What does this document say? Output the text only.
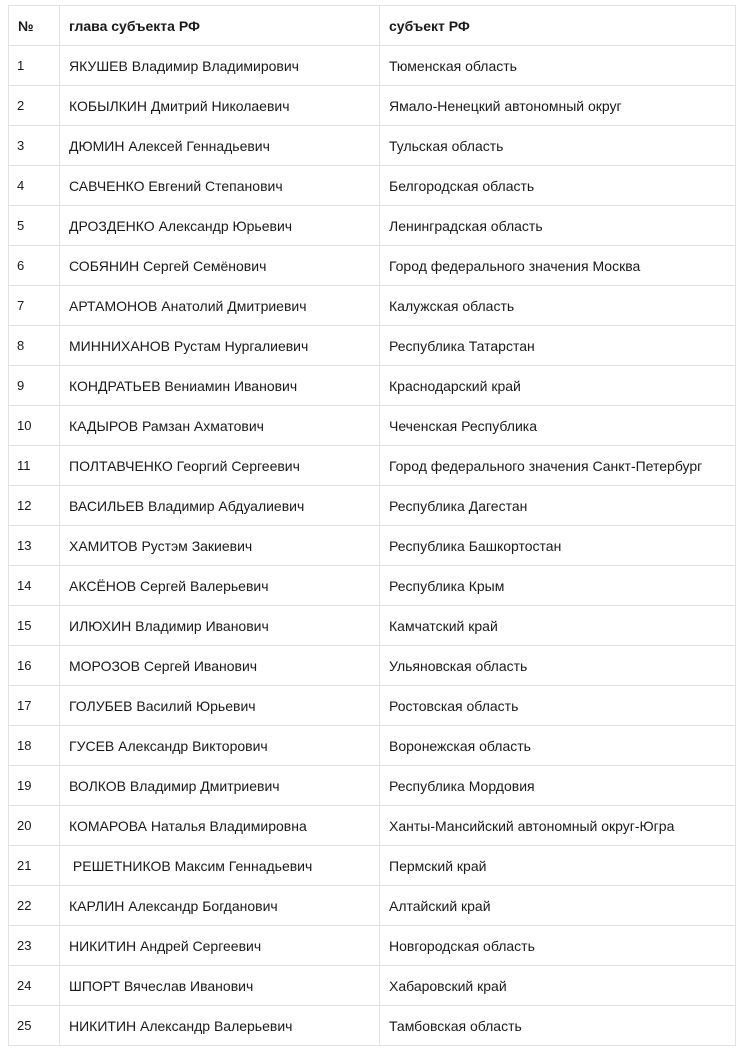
№	глава субъекта РФ	субъект РФ
1	ЯКУШЕВ Владимир Владимирович	Тюменская область
2	КОБЫЛКИН Дмитрий Николаевич	Ямало-Ненецкий автономный округ
3	ДЮМИН Алексей Геннадьевич	Тульская область
4	САВЧЕНКО Евгений Степанович	Белгородская область
5	ДРОЗДЕНКО Александр Юрьевич	Ленинградская область
6	СОБЯНИН Сергей Семёнович	Город федерального значения Москва
7	АРТАМОНОВ Анатолий Дмитриевич	Калужская область
8	МИННИХАНОВ Рустам Нургалиевич	Республика Татарстан
9	КОНДРАТЬЕВ Вениамин Иванович	Краснодарский край
10	КАДЫРОВ Рамзан Ахматович	Чеченская Республика
11	ПОЛТАВЧЕНКО Георгий Сергеевич	Город федерального значения Санкт-Петербург
12	ВАСИЛЬЕВ Владимир Абдуалиевич	Республика Дагестан
13	ХАМИТОВ Рустэм Закиевич	Республика Башкортостан
14	АКСЁНОВ Сергей Валерьевич	Республика Крым
15	ИЛЮХИН Владимир Иванович	Камчатский край
16	МОРОЗОВ Сергей Иванович	Ульяновская область
17	ГОЛУБЕВ Василий Юрьевич	Ростовская область
18	ГУСЕВ Александр Викторович	Воронежская область
19	ВОЛКОВ Владимир Дмитриевич	Республика Мордовия
20	КОМАРОВА Наталья Владимировна	Ханты-Мансийский автономный округ-Югра
21	РЕШЕТНИКОВ Максим Геннадьевич	Пермский край
22	КАРЛИН Александр Богданович	Алтайский край
23	НИКИТИН Андрей Сергеевич	Новгородская область
24	ШПОРТ Вячеслав Иванович	Хабаровский край
25	НИКИТИН Александр Валерьевич	Тамбовская область
